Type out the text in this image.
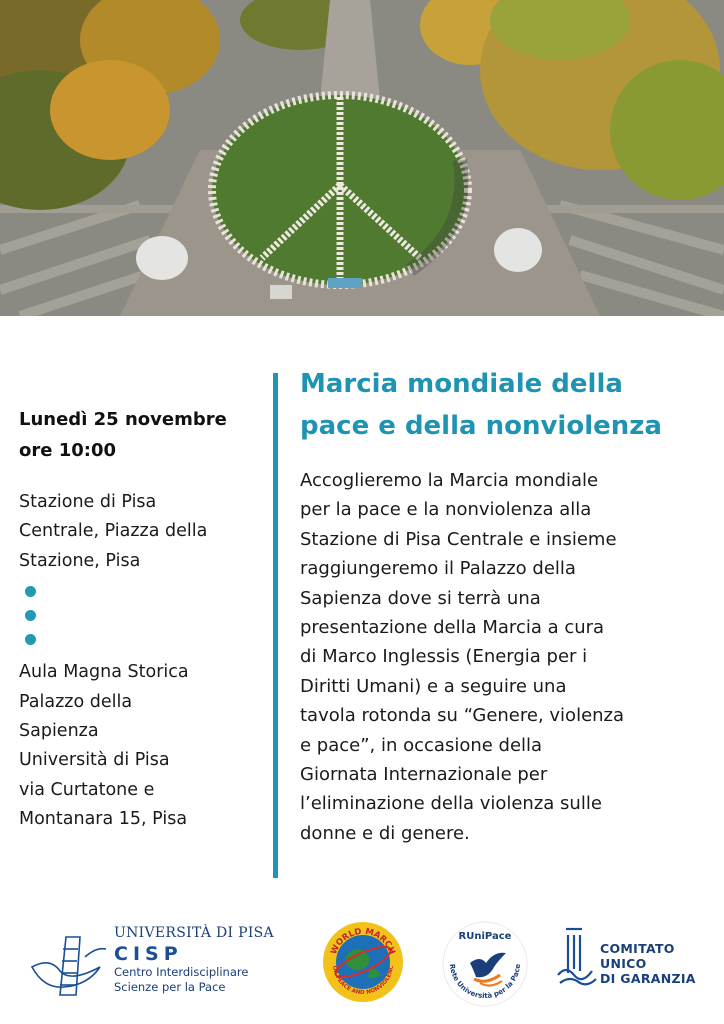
Lunedì 25 novembre
ore 10:00
Stazione di Pisa
Centrale, Piazza della
Stazione, Pisa
Aula Magna Storica
Palazzo della
Sapienza
Università di Pisa
via Curtatone e
Montanara 15, Pisa
Marcia mondiale della
pace e della nonviolenza
Accoglieremo la Marcia mondiale
per la pace e la nonviolenza alla
Stazione di Pisa Centrale e insieme
raggiungeremo il Palazzo della
Sapienza dove si terrà una
presentazione della Marcia a cura
di Marco Inglessis (Energia per i
Diritti Umani) e a seguire una
tavola rotonda su “Genere, violenza
e pace”, in occasione della
Giornata Internazionale per
l’eliminazione della violenza sulle
donne e di genere.
UNIVERSITÀ DI PISA
CISP
Centro Interdisciplinare
Scienze per la Pace
WORLD MARCH
OR PEACE AND NONVIOLENC
RUniPace
Rete Università per la Pace
COMITATO
UNICO
DI GARANZIA
